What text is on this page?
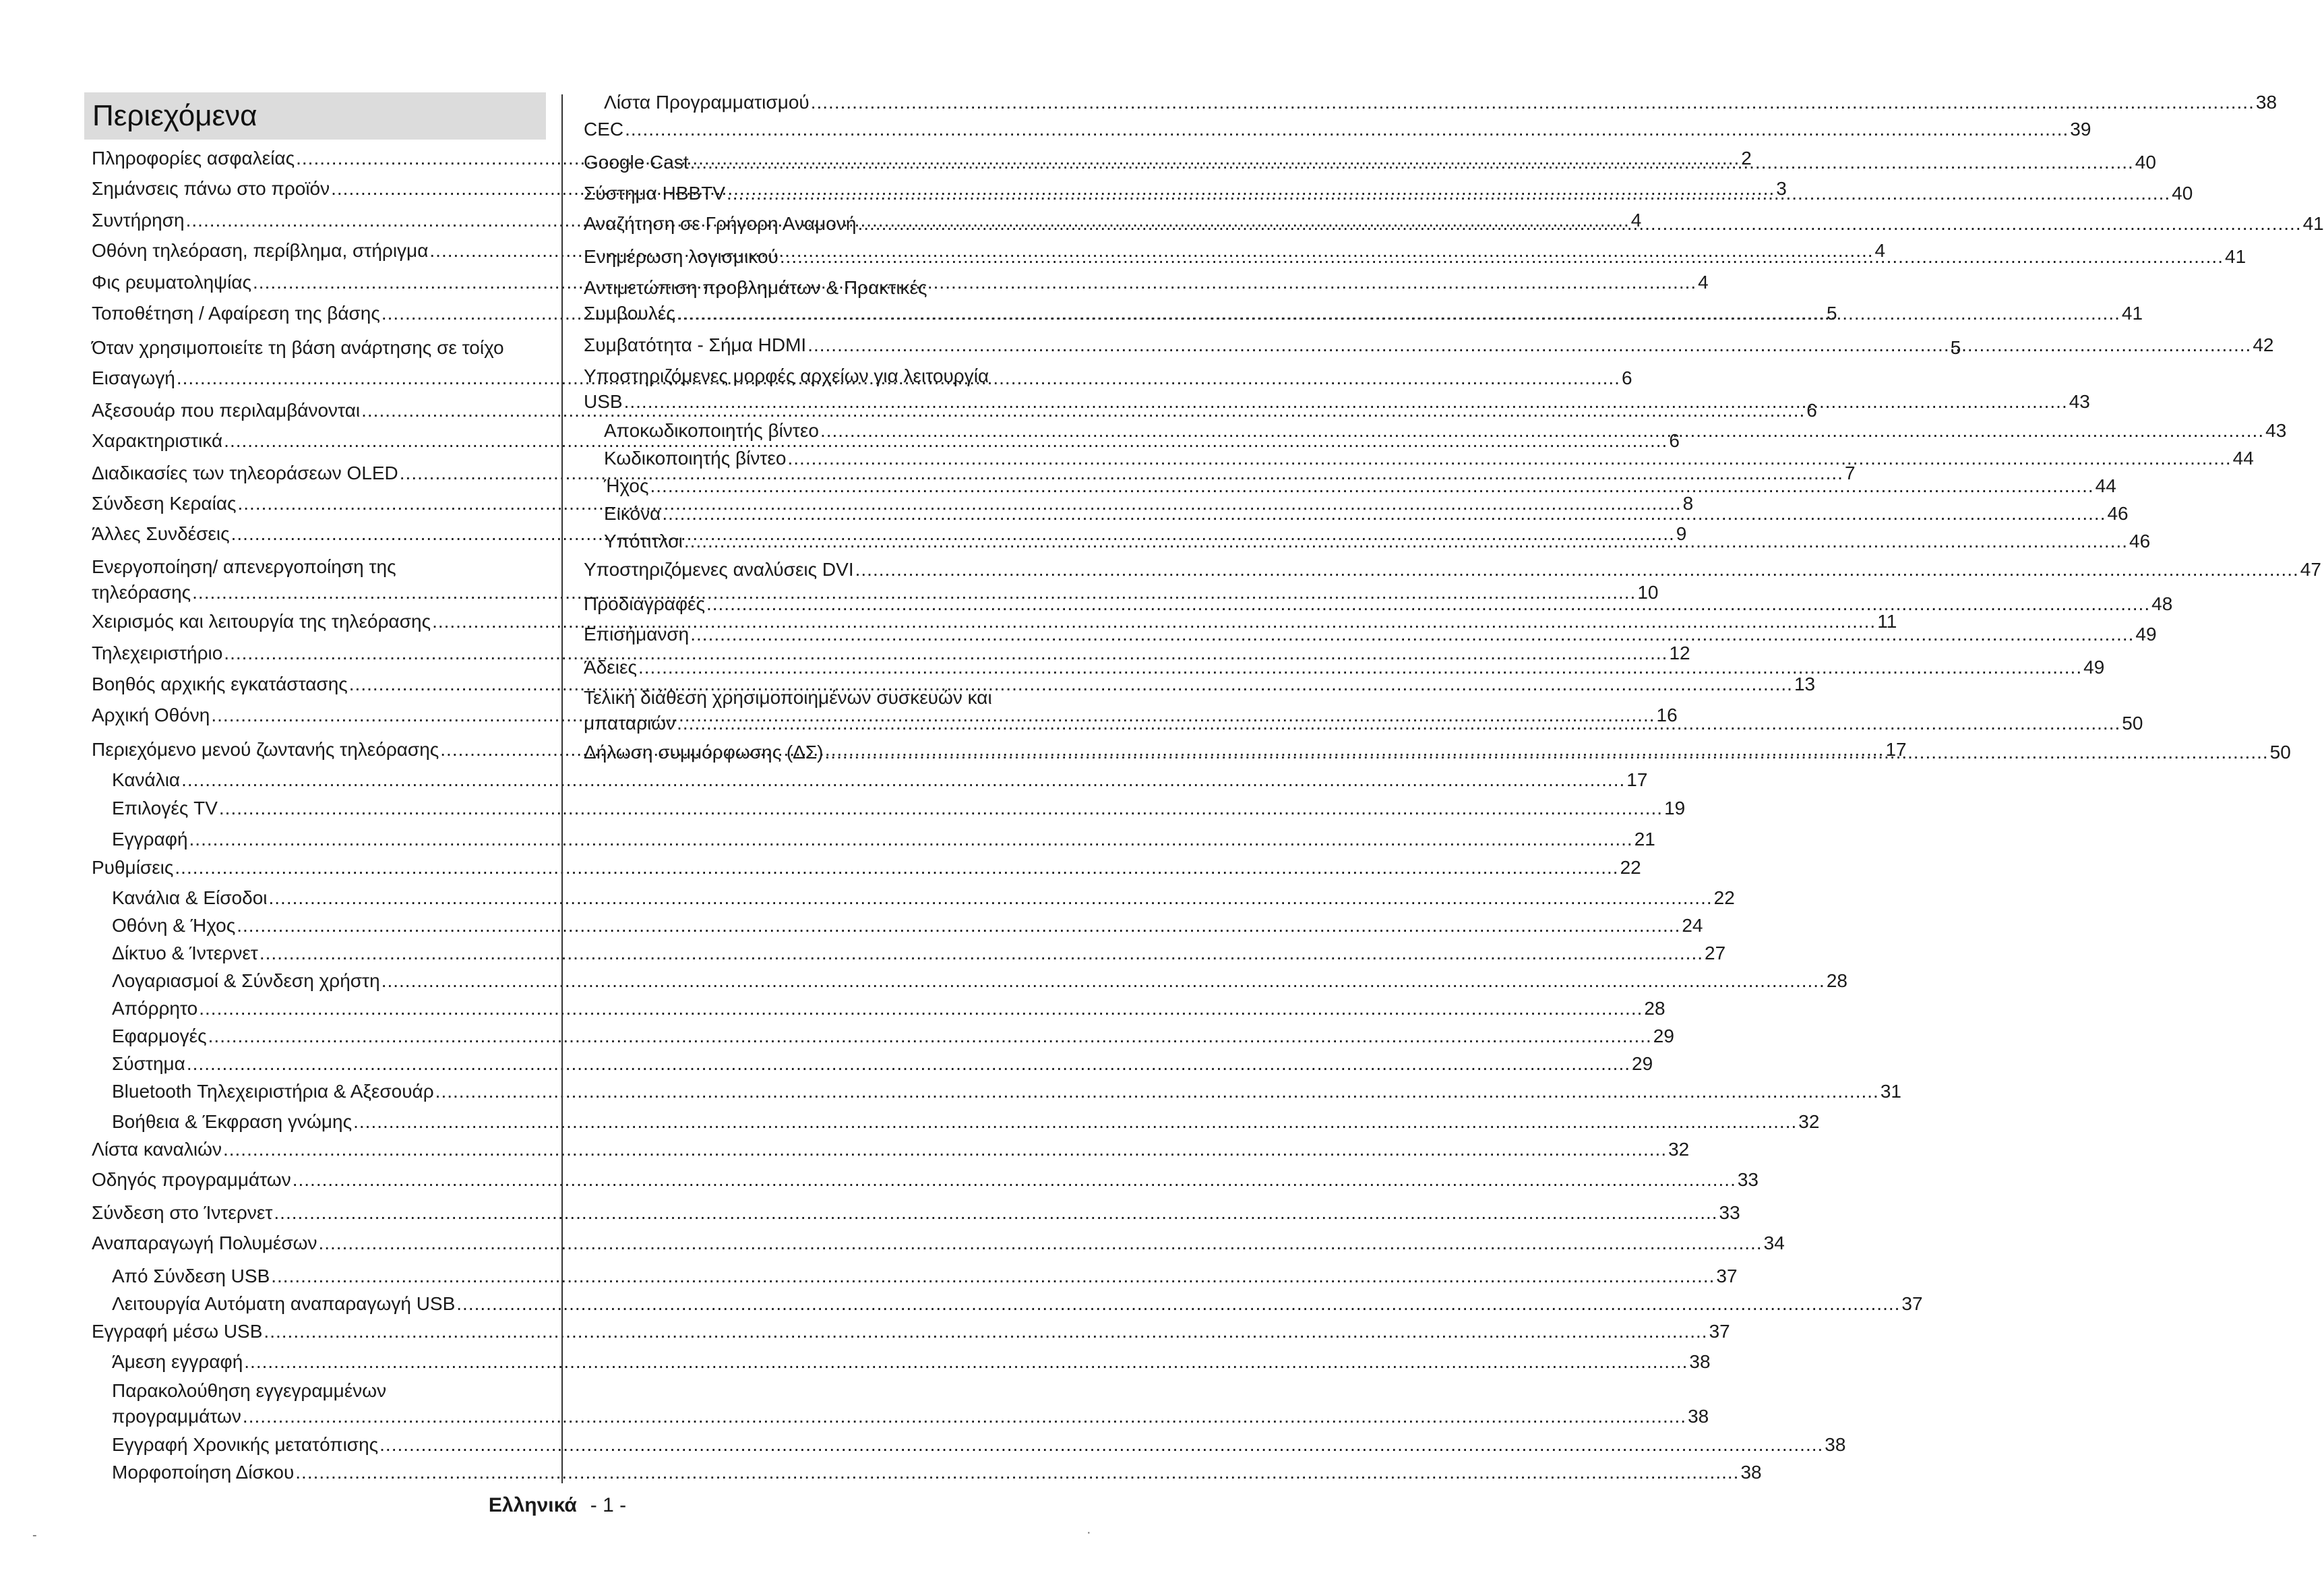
Περιεχόμενα
Πληροφορίες ασφαλείας .....	2
Σημάνσεις πάνω στο προϊόν .....	3
Συντήρηση .....	4
Οθόνη τηλεόραση, περίβλημα, στήριγμα .....	4
Φις ρευματοληψίας .....	4
Τοποθέτηση / Αφαίρεση της βάσης .....	5
Όταν χρησιμοποιείτε τη βάση ανάρτησης σε τοίχο	5
Εισαγωγή .....	6
Αξεσουάρ που περιλαμβάνονται .....	6
Χαρακτηριστικά .....	6
Διαδικασίες των τηλεοράσεων OLED .....	7
Σύνδεση Κεραίας .....	8
Άλλες Συνδέσεις .....	9
Ενεργοποίηση/ απενεργοποίηση της
τηλεόρασης .....	10
Χειρισμός και λειτουργία της τηλεόρασης .....	11
Τηλεχειριστήριο .....	12
Βοηθός αρχικής εγκατάστασης .....	13
Αρχική Οθόνη .....	16
Περιεχόμενο μενού ζωντανής τηλεόρασης .....	17
Κανάλια .....	17
Επιλογές TV .....	19
Εγγραφή .....	21
Ρυθμίσεις .....	22
Κανάλια & Είσοδοι .....	22
Οθόνη & Ήχος .....	24
Δίκτυο & Ίντερνετ .....	27
Λογαριασμοί & Σύνδεση χρήστη .....	28
Απόρρητο .....	28
Εφαρμογές .....	29
Σύστημα .....	29
Bluetooth Τηλεχειριστήρια & Αξεσουάρ .....	31
Βοήθεια & Έκφραση γνώμης .....	32
Λίστα καναλιών .....	32
Οδηγός προγραμμάτων .....	33
Σύνδεση στο Ίντερνετ .....	33
Αναπαραγωγή Πολυμέσων .....	34
Από Σύνδεση USB .....	37
Λειτουργία Αυτόματη αναπαραγωγή USB .....	37
Εγγραφή μέσω USB .....	37
Άμεση εγγραφή .....	38
Παρακολούθηση εγγεγραμμένων
προγραμμάτων .....	38
Εγγραφή Χρονικής μετατόπισης .....	38
Μορφοποίηση Δίσκου .....	38
Λίστα Προγραμματισμού .....	38
CEC .....	39
Google Cast .....	40
Σύστημα HBBTV .....	40
Αναζήτηση σε Γρήγορη Αναμονή .....	41
Ενημέρωση λογισμικού .....	41
Αντιμετώπιση προβλημάτων & Πρακτικές
Συμβουλές .....	41
Συμβατότητα - Σήμα HDMI .....	42
Υποστηριζόμενες μορφές αρχείων για λειτουργία
USB .....	43
Αποκωδικοποιητής βίντεο .....	43
Κωδικοποιητής βίντεο .....	44
Ήχος .....	44
Εικόνα .....	46
Υπότιτλοι .....	46
Υποστηριζόμενες αναλύσεις DVI .....	47
Προδιαγραφές .....	48
Επισήμανση .....	49
Άδειες .....	49
Τελική διάθεση χρησιμοποιημένων συσκευών και
μπαταριών .....	50
Δήλωση συμμόρφωσης (ΔΣ) .....	50
Ελληνικά - 1 -
-	·
